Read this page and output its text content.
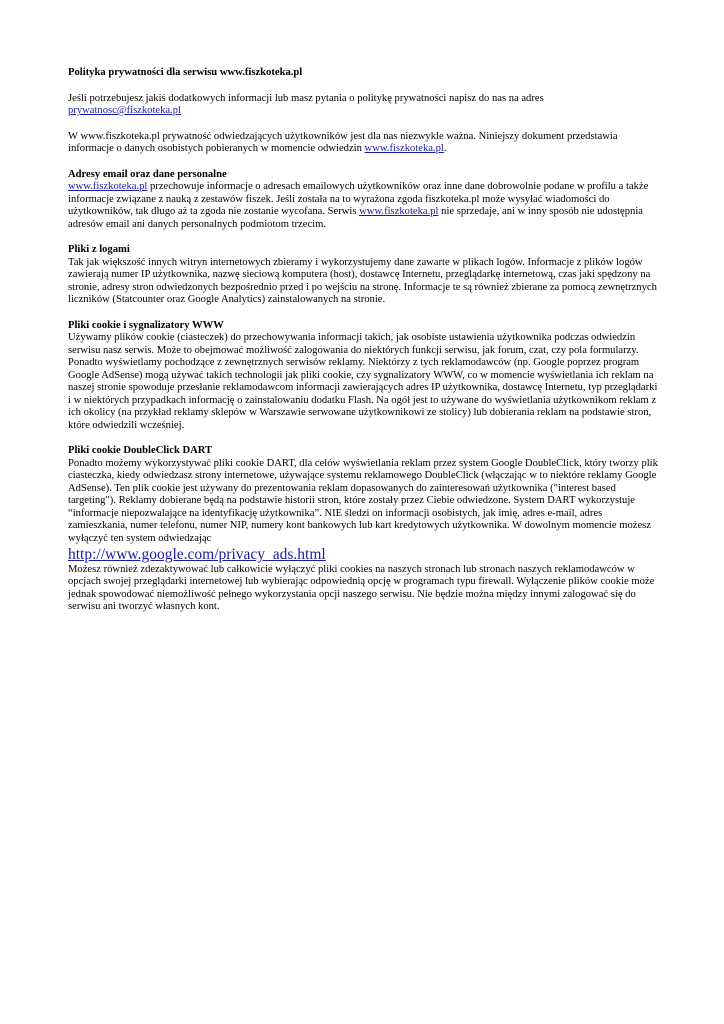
Polityka prywatności dla serwisu www.fiszkoteka.pl

Jeśli potrzebujesz jakiś dodatkowych informacji lub masz pytania o politykę prywatności napisz do nas na adres prywatnosc@fiszkoteka.pl

W www.fiszkoteka.pl prywatność odwiedzających użytkowników jest dla nas niezwykle ważna. Niniejszy dokument przedstawia informacje o danych osobistych pobieranych w momencie odwiedzin www.fiszkoteka.pl.

Adresy email oraz dane personalne

www.fiszkoteka.pl przechowuje informacje o adresach emailowych użytkowników oraz inne dane dobrowolnie podane w profilu a także informacje związane z nauką z zestawów fiszek. Jeśli została na to wyrażona zgoda fiszkoteka.pl może wysyłać wiadomości do użytkowników, tak długo aż ta zgoda nie zostanie wycofana. Serwis www.fiszkoteka.pl nie sprzedaje, ani w inny sposób nie udostępnia adresów email ani danych personalnych podmiotom trzecim.

Pliki z logami

Tak jak większość innych witryn internetowych zbieramy i wykorzystujemy dane zawarte w plikach logów. Informacje z plików logów zawierają numer IP użytkownika, nazwę sieciową komputera (host), dostawcę Internetu, przeglądarkę internetową, czas jaki spędzony na stronie, adresy stron odwiedzonych bezpośrednio przed i po wejściu na stronę. Informacje te są również zbierane za pomocą zewnętrznych liczników (Statcounter oraz Google Analytics) zainstalowanych na stronie.

Pliki cookie i sygnalizatory WWW

Używamy plików cookie (ciasteczek) do przechowywania informacji takich, jak osobiste ustawienia użytkownika podczas odwiedzin serwisu nasz serwis. Może to obejmować możliwość zalogowania do niektórych funkcji serwisu, jak forum, czat, czy pola formularzy.

Ponadto wyświetlamy pochodzące z zewnętrznych serwisów reklamy. Niektórzy z tych reklamodawców (np. Google poprzez program Google AdSense) mogą używać takich technologii jak pliki cookie, czy sygnalizatory WWW, co w momencie wyświetlania ich reklam na naszej stronie spowoduje przesłanie reklamodawcom informacji zawierających adres IP użytkownika, dostawcę Internetu, typ przeglądarki i w niektórych przypadkach informację o zainstalowaniu dodatku Flash. Na ogół jest to używane do wyświetlania użytkownikom reklam z ich okolicy (na przykład reklamy sklepów w Warszawie serwowane użytkownikowi ze stolicy) lub dobierania reklam na podstawie stron, które odwiedzili wcześniej.

Pliki cookie DoubleClick DART

Ponadto możemy wykorzystywać pliki cookie DART, dla celów wyświetlania reklam przez system Google DoubleClick, który tworzy plik ciasteczka, kiedy odwiedzasz strony internetowe, używające systemu reklamowego DoubleClick (włączając w to niektóre reklamy Google AdSense). Ten plik cookie jest używany do prezentowania reklam dopasowanych do zainteresowań użytkownika ("interest based targeting"). Reklamy dobierane będą na podstawie historii stron, które zostały przez Ciebie odwiedzone. System DART wykorzystuje “informacje niepozwalające na identyfikację użytkownika”. NIE śledzi on informacji osobistych, jak imię, adres e-mail, adres zamieszkania, numer telefonu, numer NIP, numery kont bankowych lub kart kredytowych użytkownika. W dowolnym momencie możesz wyłączyć ten system odwiedzając

http://www.google.com/privacy_ads.html

Możesz również zdezaktywować lub całkowicie wyłączyć pliki cookies na naszych stronach lub stronach naszych reklamodawców w opcjach swojej przeglądarki internetowej lub wybierając odpowiednią opcję w programach typu firewall. Wyłączenie plików cookie może jednak spowodować niemożliwość pełnego wykorzystania opcji naszego serwisu. Nie będzie można między innymi zalogować się do serwisu ani tworzyć własnych kont.
